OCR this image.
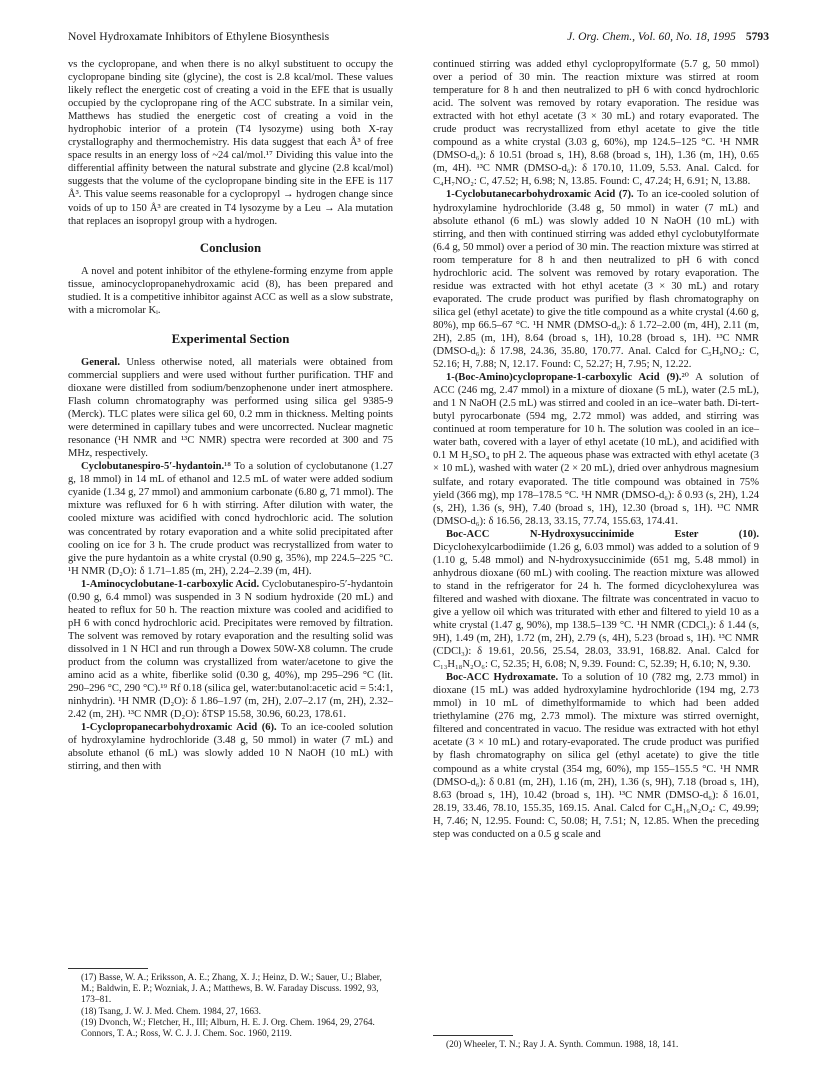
Novel Hydroxamate Inhibitors of Ethylene Biosynthesis	J. Org. Chem., Vol. 60, No. 18, 1995 5793

vs the cyclopropane, and when there is no alkyl substituent to occupy the cyclopropane binding site (glycine), the cost is 2.8 kcal/mol. These values likely reflect the energetic cost of creating a void in the EFE that is usually occupied by the cyclopropane ring of the ACC substrate. In a similar vein, Matthews has studied the energetic cost of creating a void in the hydrophobic interior of a protein (T4 lysozyme) using both X-ray crystallography and thermochemistry. His data suggest that each Å³ of free space results in an energy loss of ~24 cal/mol.¹⁷ Dividing this value into the differential affinity between the natural substrate and glycine (2.8 kcal/mol) suggests that the volume of the cyclopropane binding site in the EFE is 117 Å³. This value seems reasonable for a cyclopropyl → hydrogen change since voids of up to 150 Å³ are created in T4 lysozyme by a Leu → Ala mutation that replaces an isopropyl group with a hydrogen.

Conclusion

A novel and potent inhibitor of the ethylene-forming enzyme from apple tissue, aminocyclopropanehydroxamic acid (8), has been prepared and studied. It is a competitive inhibitor against ACC as well as a slow substrate, with a micromolar Kᵢ.

Experimental Section

General. Unless otherwise noted, all materials were obtained from commercial suppliers and were used without further purification. THF and dioxane were distilled from sodium/benzophenone under inert atmosphere. Flash column chromatography was performed using silica gel 9385-9 (Merck). TLC plates were silica gel 60, 0.2 mm in thickness. Melting points were determined in capillary tubes and were uncorrected. Nuclear magnetic resonance (¹H NMR and ¹³C NMR) spectra were recorded at 300 and 75 MHz, respectively.

Cyclobutanespiro-5′-hydantoin.¹⁸ To a solution of cyclobutanone (1.27 g, 18 mmol) in 14 mL of ethanol and 12.5 mL of water were added sodium cyanide (1.34 g, 27 mmol) and ammonium carbonate (6.80 g, 71 mmol). The mixture was refluxed for 6 h with stirring. After dilution with water, the cooled mixture was acidified with concd hydrochloric acid. The solution was concentrated by rotary evaporation and a white solid precipitated after cooling on ice for 3 h. The crude product was recrystallized from water to give the pure hydantoin as a white crystal (0.90 g, 35%), mp 224.5–225 °C. ¹H NMR (D₂O): δ 1.71–1.85 (m, 2H), 2.24–2.39 (m, 4H).

1-Aminocyclobutane-1-carboxylic Acid. Cyclobutanespiro-5′-hydantoin (0.90 g, 6.4 mmol) was suspended in 3 N sodium hydroxide (20 mL) and heated to reflux for 50 h. The reaction mixture was cooled and acidified to pH 6 with concd hydrochloric acid. Precipitates were removed by filtration. The solvent was removed by rotary evaporation and the resulting solid was dissolved in 1 N HCl and run through a Dowex 50W-X8 column. The crude product from the column was crystallized from water/acetone to give the amino acid as a white, fiberlike solid (0.30 g, 40%), mp 295–296 °C (lit. 290–296 °C, 290 °C).¹⁹ Rf 0.18 (silica gel, water:butanol:acetic acid = 5:4:1, ninhydrin). ¹H NMR (D₂O): δ 1.86–1.97 (m, 2H), 2.07–2.17 (m, 2H), 2.32–2.42 (m, 2H). ¹³C NMR (D₂O): δTSP 15.58, 30.96, 60.23, 178.61.

1-Cyclopropanecarbohydroxamic Acid (6). To an ice-cooled solution of hydroxylamine hydrochloride (3.48 g, 50 mmol) in water (7 mL) and absolute ethanol (6 mL) was slowly added 10 N NaOH (10 mL) with stirring, and then with

(17) Basse, W. A.; Eriksson, A. E.; Zhang, X. J.; Heinz, D. W.; Sauer, U.; Blaber, M.; Baldwin, E. P.; Wozniak, J. A.; Matthews, B. W. Faraday Discuss. 1992, 93, 173–81.

(18) Tsang, J. W. J. Med. Chem. 1984, 27, 1663.

(19) Dvonch, W.; Fletcher, H., III; Alburn, H. E. J. Org. Chem. 1964, 29, 2764. Connors, T. A.; Ross, W. C. J. J. Chem. Soc. 1960, 2119.

continued stirring was added ethyl cyclopropylformate (5.7 g, 50 mmol) over a period of 30 min. The reaction mixture was stirred at room temperature for 8 h and then neutralized to pH 6 with concd hydrochloric acid. The solvent was removed by rotary evaporation. The residue was extracted with hot ethyl acetate (3 × 30 mL) and rotary evaporated. The crude product was recrystallized from ethyl acetate to give the title compound as a white crystal (3.03 g, 60%), mp 124.5–125 °C. ¹H NMR (DMSO-d₆): δ 10.51 (broad s, 1H), 8.68 (broad s, 1H), 1.36 (m, 1H), 0.65 (m, 4H). ¹³C NMR (DMSO-d₆): δ 170.10, 11.09, 5.53. Anal. Calcd. for C₄H₇NO₂: C, 47.52; H, 6.98; N, 13.85. Found: C, 47.24; H, 6.91; N, 13.88.

1-Cyclobutanecarbohydroxamic Acid (7). To an ice-cooled solution of hydroxylamine hydrochloride (3.48 g, 50 mmol) in water (7 mL) and absolute ethanol (6 mL) was slowly added 10 N NaOH (10 mL) with stirring, and then with continued stirring was added ethyl cyclobutylformate (6.4 g, 50 mmol) over a period of 30 min. The reaction mixture was stirred at room temperature for 8 h and then neutralized to pH 6 with concd hydrochloric acid. The solvent was removed by rotary evaporation. The residue was extracted with hot ethyl acetate (3 × 30 mL) and rotary evaporated. The crude product was purified by flash chromatography on silica gel (ethyl acetate) to give the title compound as a white crystal (4.60 g, 80%), mp 66.5–67 °C. ¹H NMR (DMSO-d₆): δ 1.72–2.00 (m, 4H), 2.11 (m, 2H), 2.85 (m, 1H), 8.64 (broad s, 1H), 10.28 (broad s, 1H). ¹³C NMR (DMSO-d₆): δ 17.98, 24.36, 35.80, 170.77. Anal. Calcd for C₅H₉NO₂: C, 52.16; H, 7.88; N, 12.17. Found: C, 52.27; H, 7.95; N, 12.22.

1-(Boc-Amino)cyclopropane-1-carboxylic Acid (9).²⁰ A solution of ACC (246 mg, 2.47 mmol) in a mixture of dioxane (5 mL), water (2.5 mL), and 1 N NaOH (2.5 mL) was stirred and cooled in an ice–water bath. Di-tert-butyl pyrocarbonate (594 mg, 2.72 mmol) was added, and stirring was continued at room temperature for 10 h. The solution was cooled in an ice–water bath, covered with a layer of ethyl acetate (10 mL), and acidified with 0.1 M H₂SO₄ to pH 2. The aqueous phase was extracted with ethyl acetate (3 × 10 mL), washed with water (2 × 20 mL), dried over anhydrous magnesium sulfate, and rotary evaporated. The title compound was obtained in 75% yield (366 mg), mp 178–178.5 °C. ¹H NMR (DMSO-d₆): δ 0.93 (s, 2H), 1.24 (s, 2H), 1.36 (s, 9H), 7.40 (broad s, 1H), 12.30 (broad s, 1H). ¹³C NMR (DMSO-d₆): δ 16.56, 28.13, 33.15, 77.74, 155.63, 174.41.

Boc-ACC N-Hydroxysuccinimide Ester (10). Dicyclohexylcarbodiimide (1.26 g, 6.03 mmol) was added to a solution of 9 (1.10 g, 5.48 mmol) and N-hydroxysuccinimide (651 mg, 5.48 mmol) in anhydrous dioxane (60 mL) with cooling. The reaction mixture was allowed to stand in the refrigerator for 24 h. The formed dicyclohexylurea was filtered and washed with dioxane. The filtrate was concentrated in vacuo to give a yellow oil which was triturated with ether and filtered to yield 10 as a white crystal (1.47 g, 90%), mp 138.5–139 °C. ¹H NMR (CDCl₃): δ 1.44 (s, 9H), 1.49 (m, 2H), 1.72 (m, 2H), 2.79 (s, 4H), 5.23 (broad s, 1H). ¹³C NMR (CDCl₃): δ 19.61, 20.56, 25.54, 28.03, 33.91, 168.82. Anal. Calcd for C₁₃H₁₈N₂O₆: C, 52.35; H, 6.08; N, 9.39. Found: C, 52.39; H, 6.10; N, 9.30.

Boc-ACC Hydroxamate. To a solution of 10 (782 mg, 2.73 mmol) in dioxane (15 mL) was added hydroxylamine hydrochloride (194 mg, 2.73 mmol) in 10 mL of dimethylformamide to which had been added triethylamine (276 mg, 2.73 mmol). The mixture was stirred overnight, filtered and concentrated in vacuo. The residue was extracted with hot ethyl acetate (3 × 10 mL) and rotary-evaporated. The crude product was purified by flash chromatography on silica gel (ethyl acetate) to give the title compound as a white crystal (354 mg, 60%), mp 155–155.5 °C. ¹H NMR (DMSO-d₆): δ 0.81 (m, 2H), 1.16 (m, 2H), 1.36 (s, 9H), 7.18 (broad s, 1H), 8.63 (broad s, 1H), 10.42 (broad s, 1H). ¹³C NMR (DMSO-d₆): δ 16.01, 28.19, 33.46, 78.10, 155.35, 169.15. Anal. Calcd for C₉H₁₆N₂O₄: C, 49.99; H, 7.46; N, 12.95. Found: C, 50.08; H, 7.51; N, 12.85. When the preceding step was conducted on a 0.5 g scale and

(20) Wheeler, T. N.; Ray J. A. Synth. Commun. 1988, 18, 141.
